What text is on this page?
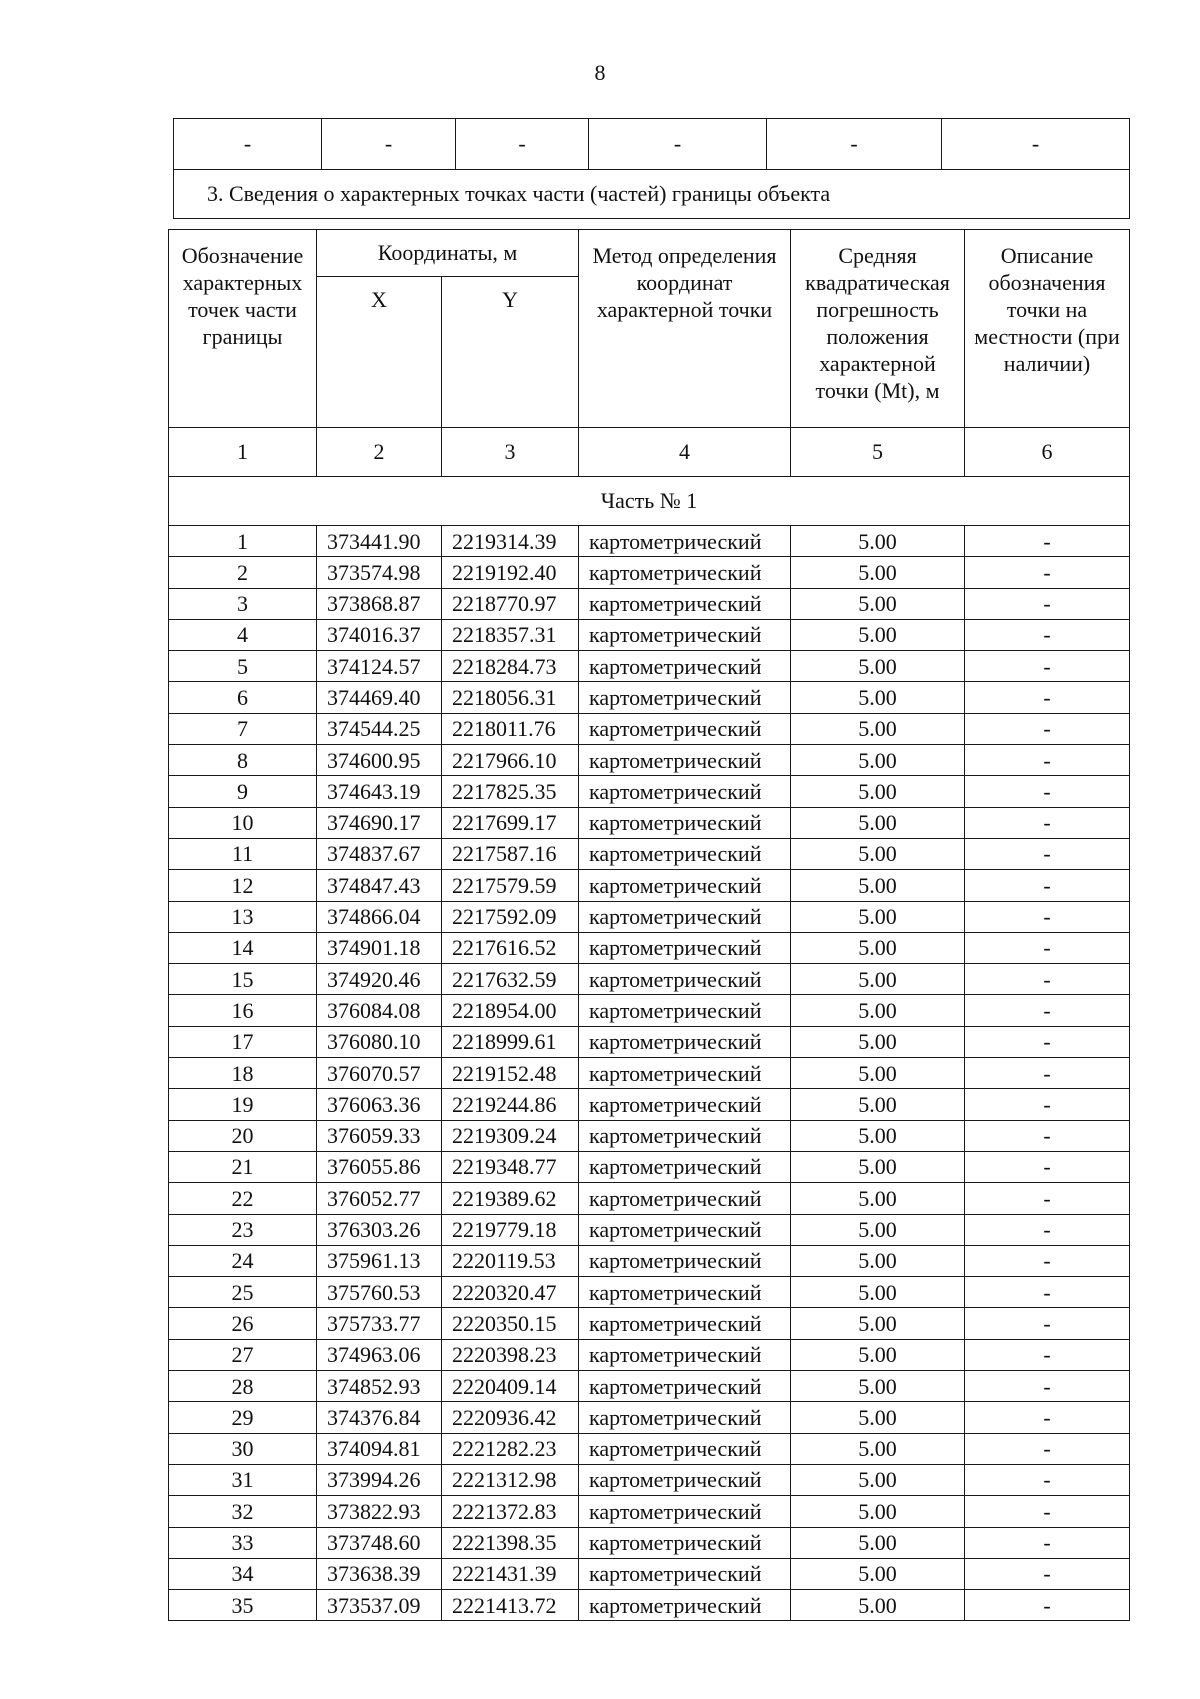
8
-	-	-	-	-	-
3. Сведения о характерных точках части (частей) границы объекта
Обозначение характерных точек части границы	Координаты, м		Метод определения координат характерной точки	Средняя квадратическая погрешность положения характерной точки (Mt), м	Описание обозначения точки на местности (при наличии)
	X	Y			
1	2	3	4	5	6
Часть № 1					
1	373441.90	2219314.39	картометрический	5.00	-
2	373574.98	2219192.40	картометрический	5.00	-
3	373868.87	2218770.97	картометрический	5.00	-
4	374016.37	2218357.31	картометрический	5.00	-
5	374124.57	2218284.73	картометрический	5.00	-
6	374469.40	2218056.31	картометрический	5.00	-
7	374544.25	2218011.76	картометрический	5.00	-
8	374600.95	2217966.10	картометрический	5.00	-
9	374643.19	2217825.35	картометрический	5.00	-
10	374690.17	2217699.17	картометрический	5.00	-
11	374837.67	2217587.16	картометрический	5.00	-
12	374847.43	2217579.59	картометрический	5.00	-
13	374866.04	2217592.09	картометрический	5.00	-
14	374901.18	2217616.52	картометрический	5.00	-
15	374920.46	2217632.59	картометрический	5.00	-
16	376084.08	2218954.00	картометрический	5.00	-
17	376080.10	2218999.61	картометрический	5.00	-
18	376070.57	2219152.48	картометрический	5.00	-
19	376063.36	2219244.86	картометрический	5.00	-
20	376059.33	2219309.24	картометрический	5.00	-
21	376055.86	2219348.77	картометрический	5.00	-
22	376052.77	2219389.62	картометрический	5.00	-
23	376303.26	2219779.18	картометрический	5.00	-
24	375961.13	2220119.53	картометрический	5.00	-
25	375760.53	2220320.47	картометрический	5.00	-
26	375733.77	2220350.15	картометрический	5.00	-
27	374963.06	2220398.23	картометрический	5.00	-
28	374852.93	2220409.14	картометрический	5.00	-
29	374376.84	2220936.42	картометрический	5.00	-
30	374094.81	2221282.23	картометрический	5.00	-
31	373994.26	2221312.98	картометрический	5.00	-
32	373822.93	2221372.83	картометрический	5.00	-
33	373748.60	2221398.35	картометрический	5.00	-
34	373638.39	2221431.39	картометрический	5.00	-
35	373537.09	2221413.72	картометрический	5.00	-
